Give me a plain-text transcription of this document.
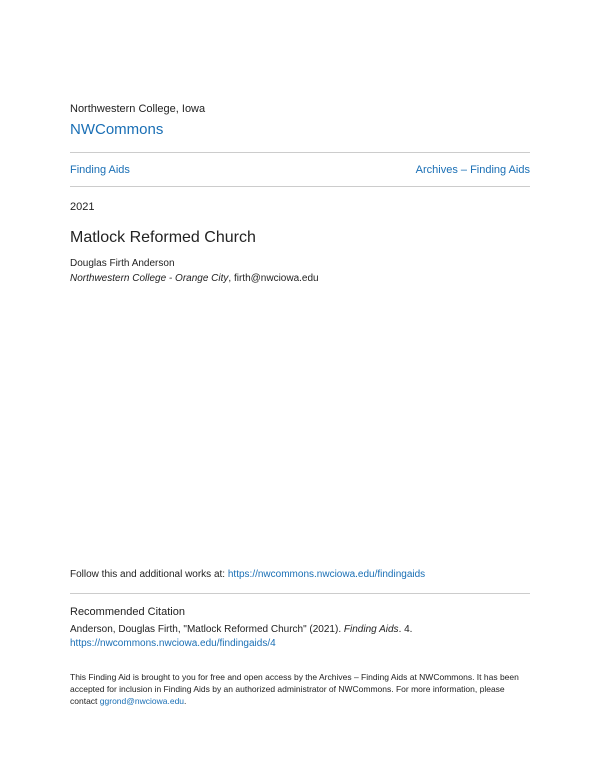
Northwestern College, Iowa
NWCommons
Finding Aids	Archives – Finding Aids
2021
Matlock Reformed Church
Douglas Firth Anderson
Northwestern College - Orange City, firth@nwciowa.edu
Follow this and additional works at: https://nwcommons.nwciowa.edu/findingaids
Recommended Citation
Anderson, Douglas Firth, "Matlock Reformed Church" (2021). Finding Aids. 4.
https://nwcommons.nwciowa.edu/findingaids/4
This Finding Aid is brought to you for free and open access by the Archives – Finding Aids at NWCommons. It has been accepted for inclusion in Finding Aids by an authorized administrator of NWCommons. For more information, please contact ggrond@nwciowa.edu.
